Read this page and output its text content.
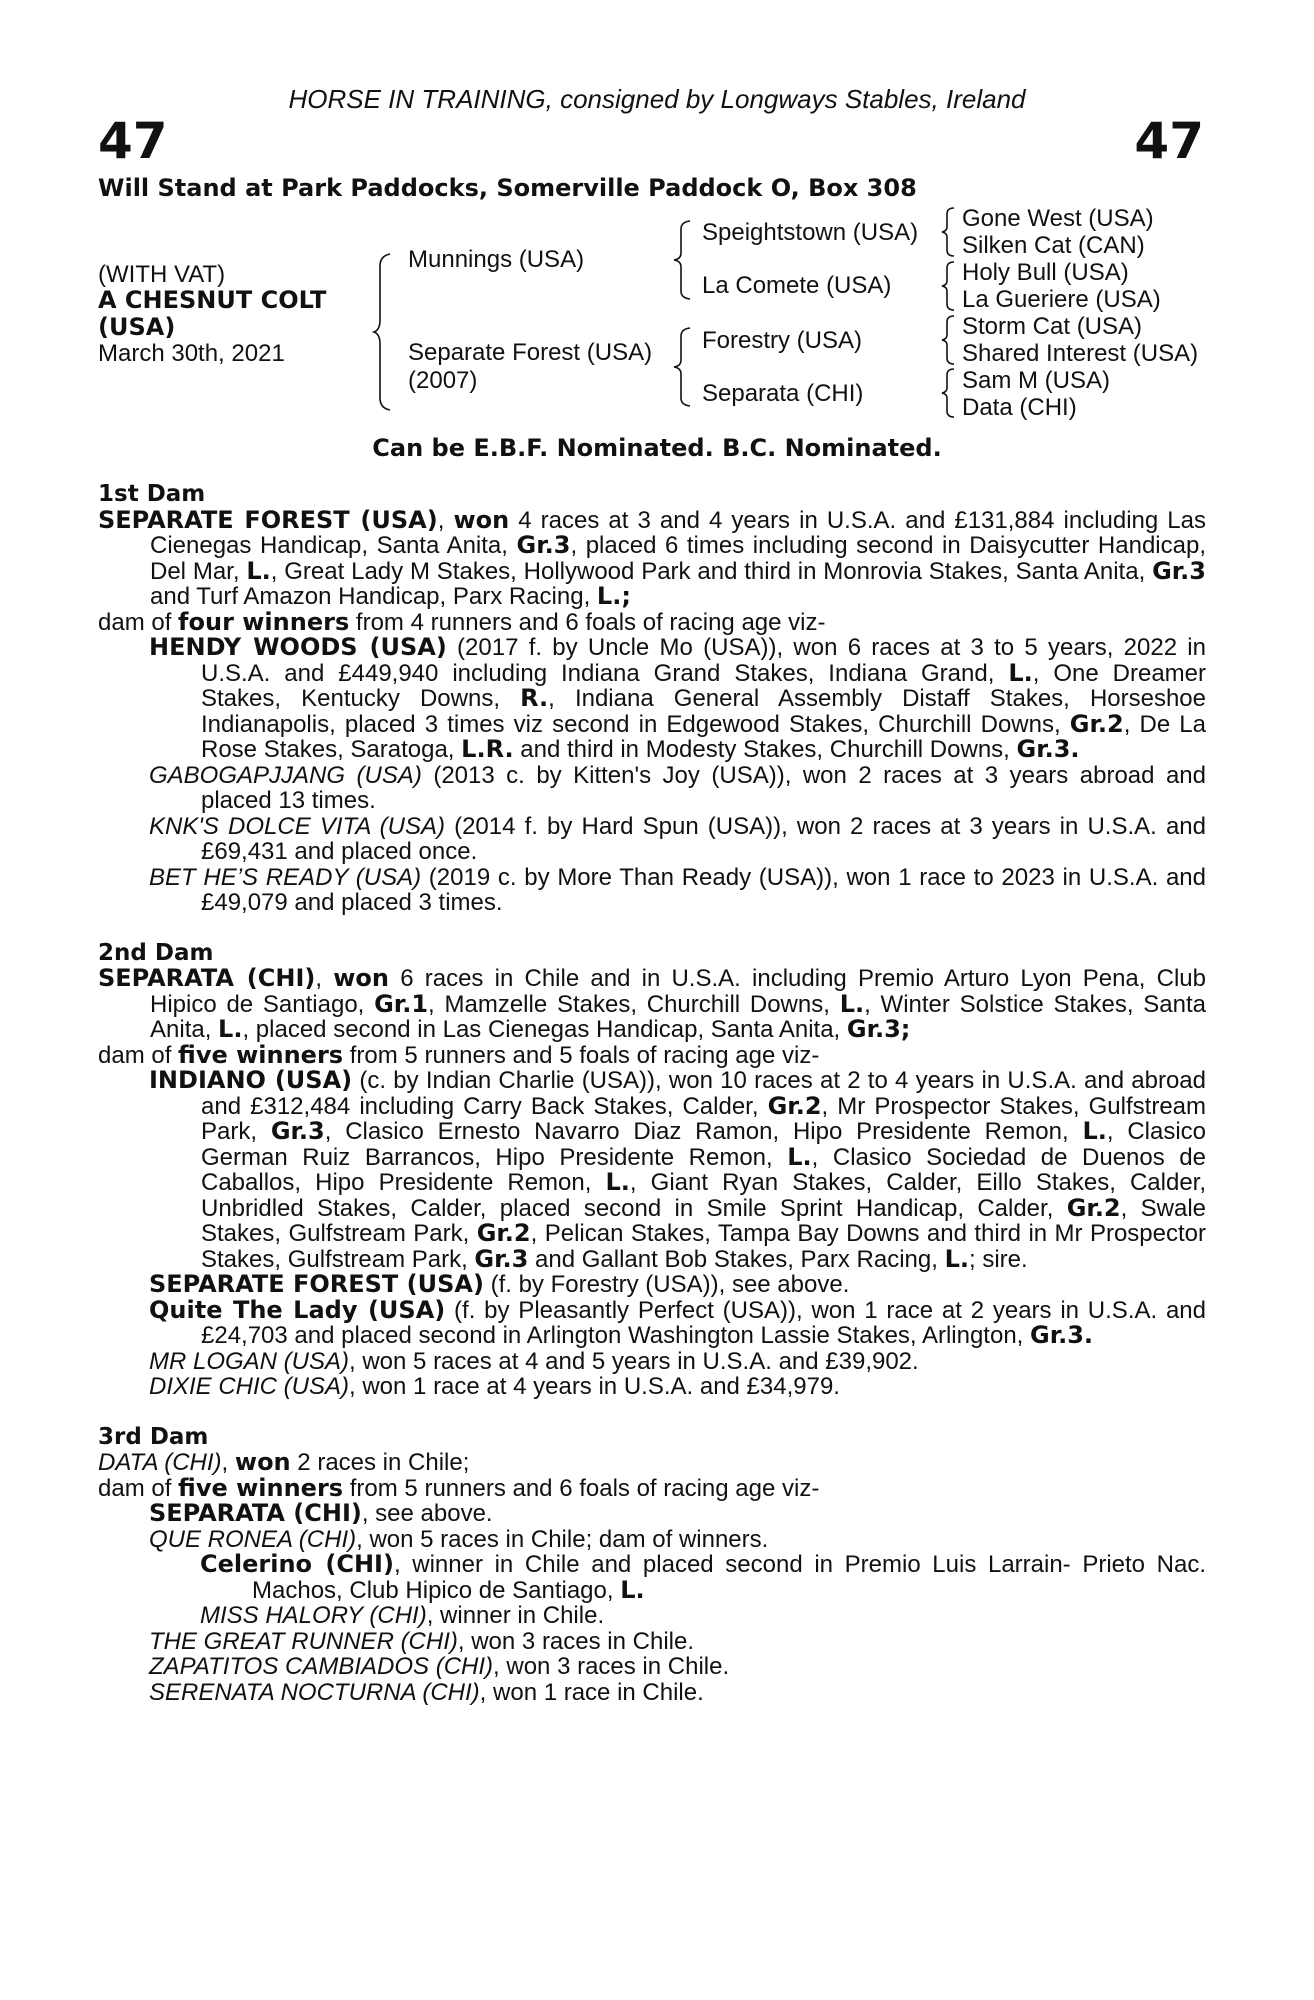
HORSE IN TRAINING, consigned by Longways Stables, Ireland
47	47
Will Stand at Park Paddocks, Somerville Paddock O, Box 308
(WITH VAT)
A CHESNUT COLT
(USA)
March 30th, 2021
Munnings (USA)
Separate Forest (USA)
(2007)
Speightstown (USA)
La Comete (USA)
Forestry (USA)
Separata (CHI)
Gone West (USA)
Silken Cat (CAN)
Holy Bull (USA)
La Gueriere (USA)
Storm Cat (USA)
Shared Interest (USA)
Sam M (USA)
Data (CHI)
Can be E.B.F. Nominated. B.C. Nominated.
1st Dam

SEPARATE FOREST (USA), won 4 races at 3 and 4 years in U.S.A. and £131,884 including Las Cienegas Handicap, Santa Anita, Gr.3, placed 6 times including second in Daisycutter Handicap, Del Mar, L., Great Lady M Stakes, Hollywood Park and third in Monrovia Stakes, Santa Anita, Gr.3 and Turf Amazon Handicap, Parx Racing, L.;

dam of four winners from 4 runners and 6 foals of racing age viz-

HENDY WOODS (USA) (2017 f. by Uncle Mo (USA)), won 6 races at 3 to 5 years, 2022 in U.S.A. and £449,940 including Indiana Grand Stakes, Indiana Grand, L., One Dreamer Stakes, Kentucky Downs, R., Indiana General Assembly Distaff Stakes, Horseshoe Indianapolis, placed 3 times viz second in Edgewood Stakes, Churchill Downs, Gr.2, De La Rose Stakes, Saratoga, L.R. and third in Modesty Stakes, Churchill Downs, Gr.3.

GABOGAPJJANG (USA) (2013 c. by Kitten's Joy (USA)), won 2 races at 3 years abroad and placed 13 times.

KNK'S DOLCE VITA (USA) (2014 f. by Hard Spun (USA)), won 2 races at 3 years in U.S.A. and £69,431 and placed once.

BET HE’S READY (USA) (2019 c. by More Than Ready (USA)), won 1 race to 2023 in U.S.A. and £49,079 and placed 3 times.

2nd Dam

SEPARATA (CHI), won 6 races in Chile and in U.S.A. including Premio Arturo Lyon Pena, Club Hipico de Santiago, Gr.1, Mamzelle Stakes, Churchill Downs, L., Winter Solstice Stakes, Santa Anita, L., placed second in Las Cienegas Handicap, Santa Anita, Gr.3;

dam of five winners from 5 runners and 5 foals of racing age viz-

INDIANO (USA) (c. by Indian Charlie (USA)), won 10 races at 2 to 4 years in U.S.A. and abroad and £312,484 including Carry Back Stakes, Calder, Gr.2, Mr Prospector Stakes, Gulfstream Park, Gr.3, Clasico Ernesto Navarro Diaz Ramon, Hipo Presidente Remon, L., Clasico German Ruiz Barrancos, Hipo Presidente Remon, L., Clasico Sociedad de Duenos de Caballos, Hipo Presidente Remon, L., Giant Ryan Stakes, Calder, Eillo Stakes, Calder, Unbridled Stakes, Calder, placed second in Smile Sprint Handicap, Calder, Gr.2, Swale Stakes, Gulfstream Park, Gr.2, Pelican Stakes, Tampa Bay Downs and third in Mr Prospector Stakes, Gulfstream Park, Gr.3 and Gallant Bob Stakes, Parx Racing, L.; sire.

SEPARATE FOREST (USA) (f. by Forestry (USA)), see above.

Quite The Lady (USA) (f. by Pleasantly Perfect (USA)), won 1 race at 2 years in U.S.A. and £24,703 and placed second in Arlington Washington Lassie Stakes, Arlington, Gr.3.

MR LOGAN (USA), won 5 races at 4 and 5 years in U.S.A. and £39,902.

DIXIE CHIC (USA), won 1 race at 4 years in U.S.A. and £34,979.

3rd Dam

DATA (CHI), won 2 races in Chile;

dam of five winners from 5 runners and 6 foals of racing age viz-

SEPARATA (CHI), see above.

QUE RONEA (CHI), won 5 races in Chile; dam of winners.

Celerino (CHI), winner in Chile and placed second in Premio Luis Larrain- Prieto Nac. Machos, Club Hipico de Santiago, L.

MISS HALORY (CHI), winner in Chile.

THE GREAT RUNNER (CHI), won 3 races in Chile.

ZAPATITOS CAMBIADOS (CHI), won 3 races in Chile.

SERENATA NOCTURNA (CHI), won 1 race in Chile.
